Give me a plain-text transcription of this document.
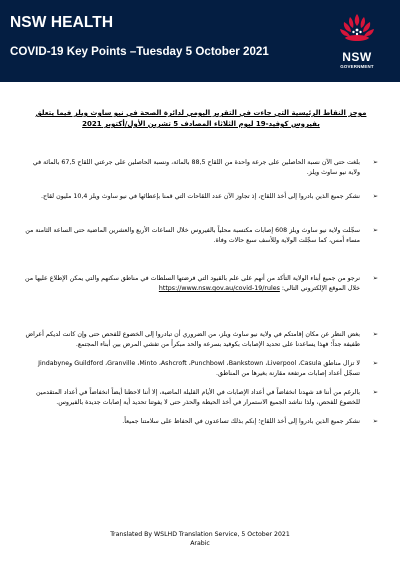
NSW HEALTH
COVID-19 Key Points –Tuesday 5 October 2021	NSW
GOVERNMENT

موجز النقاط الرئيسية التي جاءت في التقرير اليومي لدائرة الصحة في نيو ساوث ويلز فيما يتعلق بفيروس كوفيد-19 ليوم الثلاثاء المصادف 5 تشرين الأول/أكتوبر 2021

➢
بلغت حتى الآن نسبة الحاصلين على جرعة واحدة من اللقاح 88,5 بالمائة، ونسبة الحاصلين على جرعتي اللقاح 67,5 بالمائة في ولاية نيو ساوث ويلز.
➢
نشكر جميع الذين بادروا إلى أخذ اللقاح، إذ تجاوز الآن عدد اللقاحات التي قمنا بإعطائها في نيو ساوث ويلز 10,4 مليون لقاح.
➢
سجّلت ولاية نيو ساوث ويلز 608 إصابات مكتسبة محلياً بالفيروس خلال الساعات الأربع والعشرين الماضية حتى الساعة الثامنة من مساء أمس، كما سجّلت الولاية وللأسف سبع حالات وفاة.
➢
نرجو من جميع أبناء الولاية التأكد من أنهم على علم بالقيود التي فرضتها السلطات في مناطق سكنهم والتي يمكن الإطلاع عليها من خلال الموقع الإلكتروني التالي: https://www.nsw.gov.au/covid-19/rules
➢
بغض النظر عن مكان إقامتكم في ولاية نيو ساوث ويلز، من الضروري أن تبادروا إلى الخضوع للفحص حتى وإن كانت لديكم أعراض طفيفة جداً؛ فهذا يساعدنا على تحديد الإصابات بكوفيد بسرعة والحد مبكراً من تفشي المرض بين أبناء المجتمع.
➢
لا تزال مناطق Guildford ،Granville ،Minto ،Ashcroft ،Punchbowl ،Bankstown ،Liverpool ،Casula وJindabyne تسجّل أعداد إصابات مرتفعة مقارنة بغيرها من المناطق.
➢
بالرغم من أننا قد شهدنا انخفاضاً في أعداد الإصابات في الأيام القليلة الماضية، إلا أننا لاحظنا أيضاً انخفاضاً في أعداد المتقدمين للخضوع للفحص، ولذا نناشد الجميع الاستمرار في أخذ الحيطة والحذر حتى لا يفوتنا تحديد أية إصابات جديدة بالفيروس.
➢
نشكر جميع الذين بادروا إلى أخذ اللقاح؛ إنكم بذلك تساعدون في الحفاظ على سلامتنا جميعاً.
Translated By WSLHD Translation Service, 5 October 2021
Arabic
